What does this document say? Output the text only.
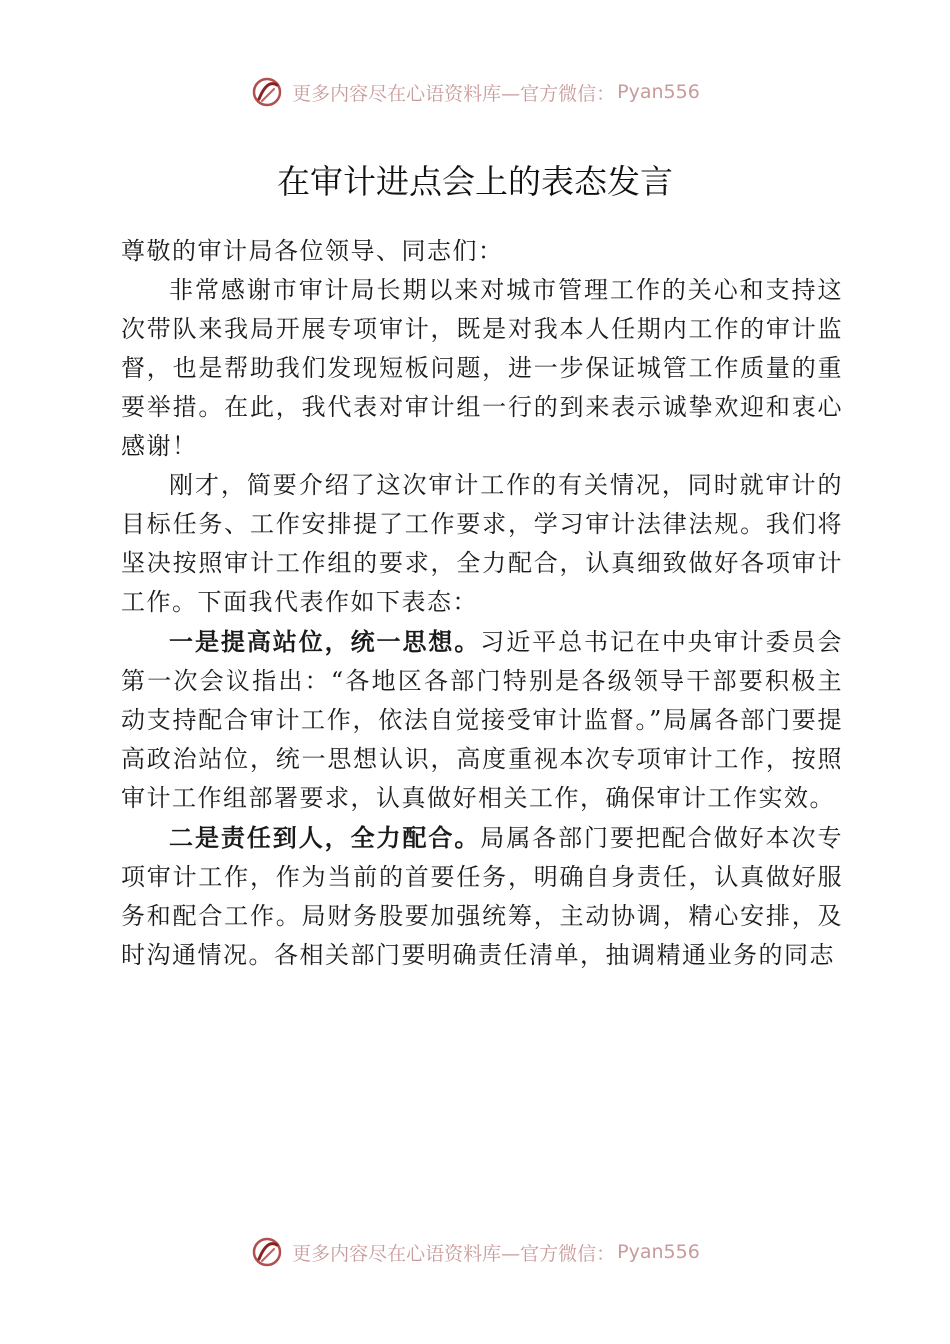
更多内容尽在心语资料库—官方微信： Pyan556
在审计进点会上的表态发言

尊敬的审计局各位领导、同志们：

非常感谢市审计局长期以来对城市管理工作的关心和支持这次带队来我局开展专项审计，既是对我本人任期内工作的审计监督，也是帮助我们发现短板问题，进一步保证城管工作质量的重要举措。在此，我代表对审计组一行的到来表示诚挚欢迎和衷心感谢！

刚才，简要介绍了这次审计工作的有关情况，同时就审计的目标任务、工作安排提了工作要求，学习审计法律法规。我们将坚决按照审计工作组的要求，全力配合，认真细致做好各项审计工作。下面我代表作如下表态：

一是提高站位，统一思想。习近平总书记在中央审计委员会第一次会议指出：“各地区各部门特别是各级领导干部要积极主动支持配合审计工作，依法自觉接受审计监督。”局属各部门要提高政治站位，统一思想认识，高度重视本次专项审计工作，按照审计工作组部署要求，认真做好相关工作，确保审计工作实效。

二是责任到人，全力配合。局属各部门要把配合做好本次专项审计工作，作为当前的首要任务，明确自身责任，认真做好服务和配合工作。局财务股要加强统筹，主动协调，精心安排，及时沟通情况。各相关部门要明确责任清单，抽调精通业务的同志

更多内容尽在心语资料库—官方微信： Pyan556
